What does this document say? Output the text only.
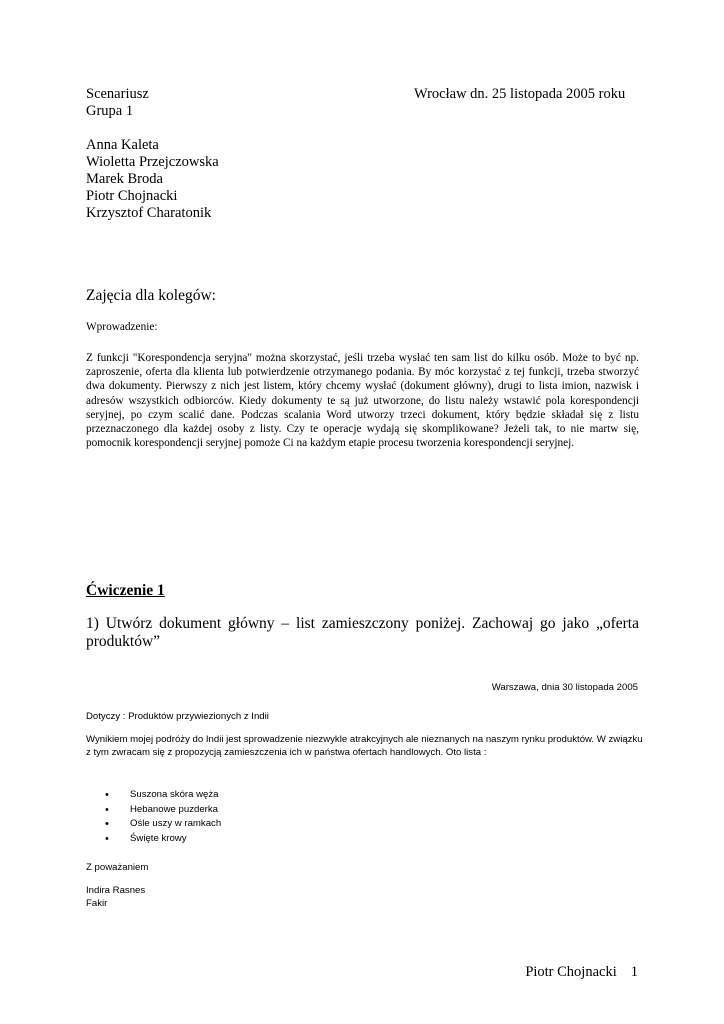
Scenariusz
Grupa 1
Wrocław dn. 25 listopada 2005 roku
Anna Kaleta
Wioletta Przejczowska
Marek Broda
Piotr Chojnacki
Krzysztof Charatonik
Zajęcia dla kolegów:
Wprowadzenie:
Z funkcji "Korespondencja seryjna" można skorzystać, jeśli trzeba wysłać ten sam list do kilku osób. Może to być np. zaproszenie, oferta dla klienta lub potwierdzenie otrzymanego podania. By móc korzystać z tej funkcji, trzeba stworzyć dwa dokumenty. Pierwszy z nich jest listem, który chcemy wysłać (dokument główny), drugi to lista imion, nazwisk i adresów wszystkich odbiorców. Kiedy dokumenty te są już utworzone, do listu należy wstawić pola korespondencji seryjnej, po czym scalić dane. Podczas scalania Word utworzy trzeci dokument, który będzie składał się z listu przeznaczonego dla każdej osoby z listy. Czy te operacje wydają się skomplikowane? Jeżeli tak, to nie martw się, pomocnik korespondencji seryjnej pomoże Ci na każdym etapie procesu tworzenia korespondencji seryjnej.
Ćwiczenie 1
1) Utwórz dokument główny – list zamieszczony poniżej. Zachowaj go jako „oferta produktów”
Warszawa, dnia 30 listopada 2005
Dotyczy : Produktów przywiezionych z Indii
Wynikiem mojej podróży do Indii jest sprowadzenie niezwykle atrakcyjnych ale nieznanych na naszym rynku produktów. W związku z tym zwracam się z propozycją zamieszczenia ich w państwa ofertach handlowych. Oto lista :
• Suszona skóra węża
• Hebanowe puzderka
• Ośle uszy w ramkach
• Święte krowy
Z poważaniem
Indira Rasnes
Fakir
Piotr Chojnacki 1
